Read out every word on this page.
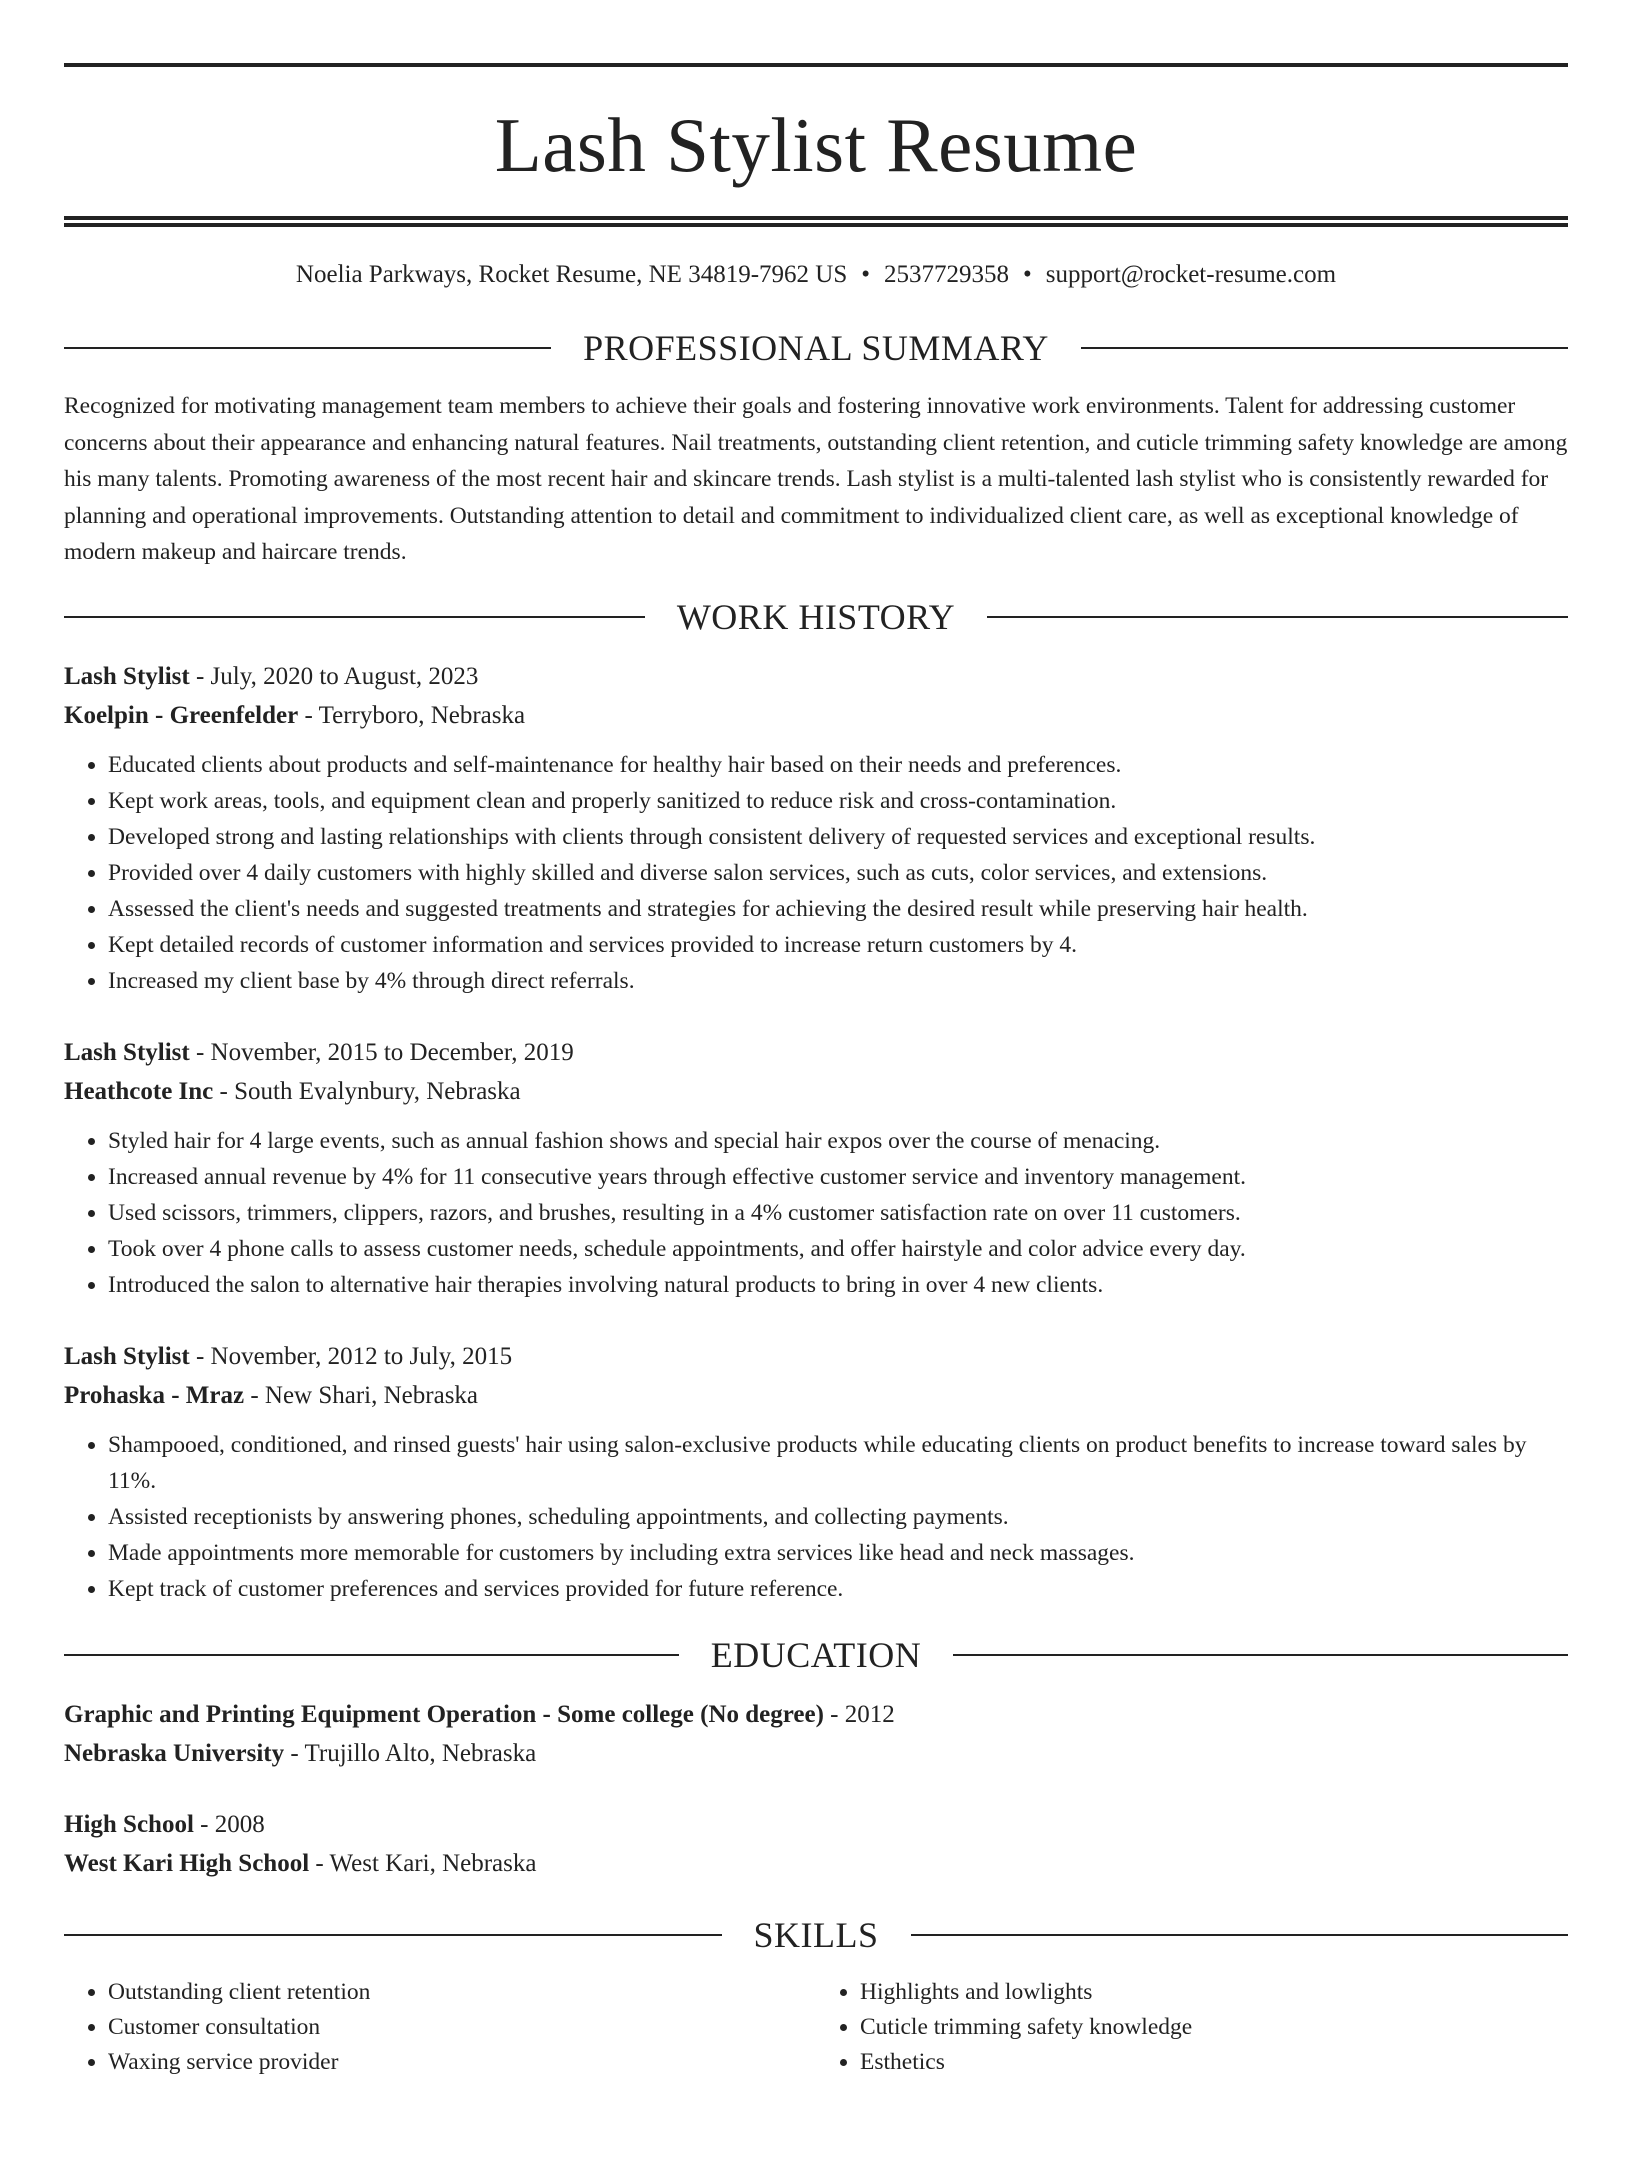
Lash Stylist Resume
Noelia Parkways, Rocket Resume, NE 34819-7962 US • 2537729358 • support@rocket-resume.com
PROFESSIONAL SUMMARY
Recognized for motivating management team members to achieve their goals and fostering innovative work environments. Talent for addressing customer concerns about their appearance and enhancing natural features. Nail treatments, outstanding client retention, and cuticle trimming safety knowledge are among his many talents. Promoting awareness of the most recent hair and skincare trends. Lash stylist is a multi-talented lash stylist who is consistently rewarded for planning and operational improvements. Outstanding attention to detail and commitment to individualized client care, as well as exceptional knowledge of modern makeup and haircare trends.
WORK HISTORY
Lash Stylist - July, 2020 to August, 2023
Koelpin - Greenfelder - Terryboro, Nebraska
• Educated clients about products and self-maintenance for healthy hair based on their needs and preferences.
• Kept work areas, tools, and equipment clean and properly sanitized to reduce risk and cross-contamination.
• Developed strong and lasting relationships with clients through consistent delivery of requested services and exceptional results.
• Provided over 4 daily customers with highly skilled and diverse salon services, such as cuts, color services, and extensions.
• Assessed the client's needs and suggested treatments and strategies for achieving the desired result while preserving hair health.
• Kept detailed records of customer information and services provided to increase return customers by 4.
• Increased my client base by 4% through direct referrals.
Lash Stylist - November, 2015 to December, 2019
Heathcote Inc - South Evalynbury, Nebraska
• Styled hair for 4 large events, such as annual fashion shows and special hair expos over the course of menacing.
• Increased annual revenue by 4% for 11 consecutive years through effective customer service and inventory management.
• Used scissors, trimmers, clippers, razors, and brushes, resulting in a 4% customer satisfaction rate on over 11 customers.
• Took over 4 phone calls to assess customer needs, schedule appointments, and offer hairstyle and color advice every day.
• Introduced the salon to alternative hair therapies involving natural products to bring in over 4 new clients.
Lash Stylist - November, 2012 to July, 2015
Prohaska - Mraz - New Shari, Nebraska
• Shampooed, conditioned, and rinsed guests' hair using salon-exclusive products while educating clients on product benefits to increase toward sales by 11%.
• Assisted receptionists by answering phones, scheduling appointments, and collecting payments.
• Made appointments more memorable for customers by including extra services like head and neck massages.
• Kept track of customer preferences and services provided for future reference.
EDUCATION
Graphic and Printing Equipment Operation - Some college (No degree) - 2012
Nebraska University - Trujillo Alto, Nebraska
High School - 2008
West Kari High School - West Kari, Nebraska
SKILLS
• Outstanding client retention
• Customer consultation
• Waxing service provider
• Highlights and lowlights
• Cuticle trimming safety knowledge
• Esthetics
